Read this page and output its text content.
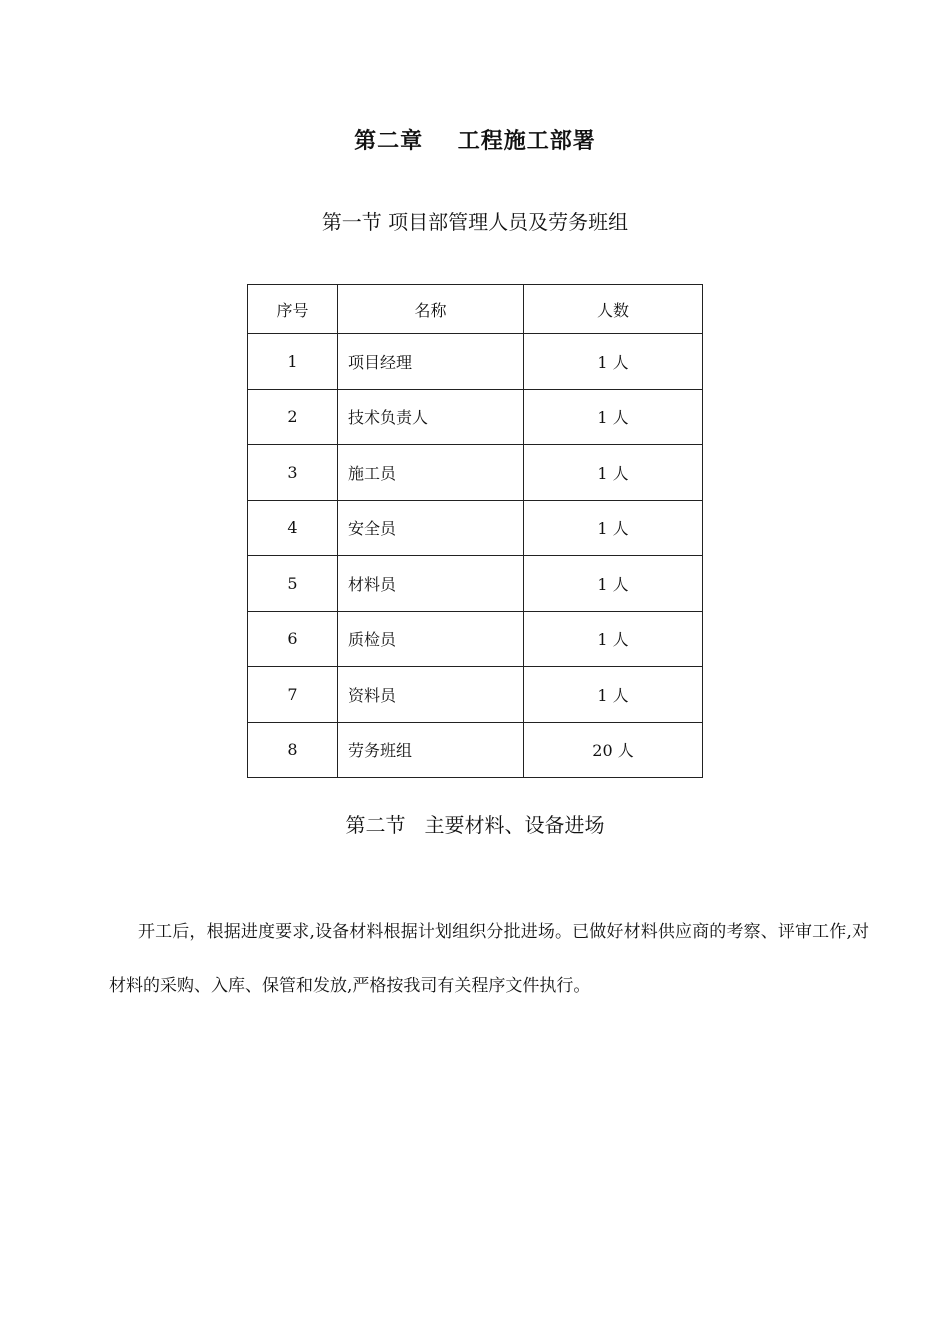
第二章    工程施工部署
第一节 项目部管理人员及劳务班组
序号	名称	人数
1	项目经理	1 人
2	技术负责人	1 人
3	施工员	1 人
4	安全员	1 人
5	材料员	1 人
6	质检员	1 人
7	资料员	1 人
8	劳务班组	20 人
第二节   主要材料、设备进场

开工后，根据进度要求,设备材料根据计划组织分批进场。已做好材料供应商的考察、评审工作,对材料的采购、入库、保管和发放,严格按我司有关程序文件执行。
